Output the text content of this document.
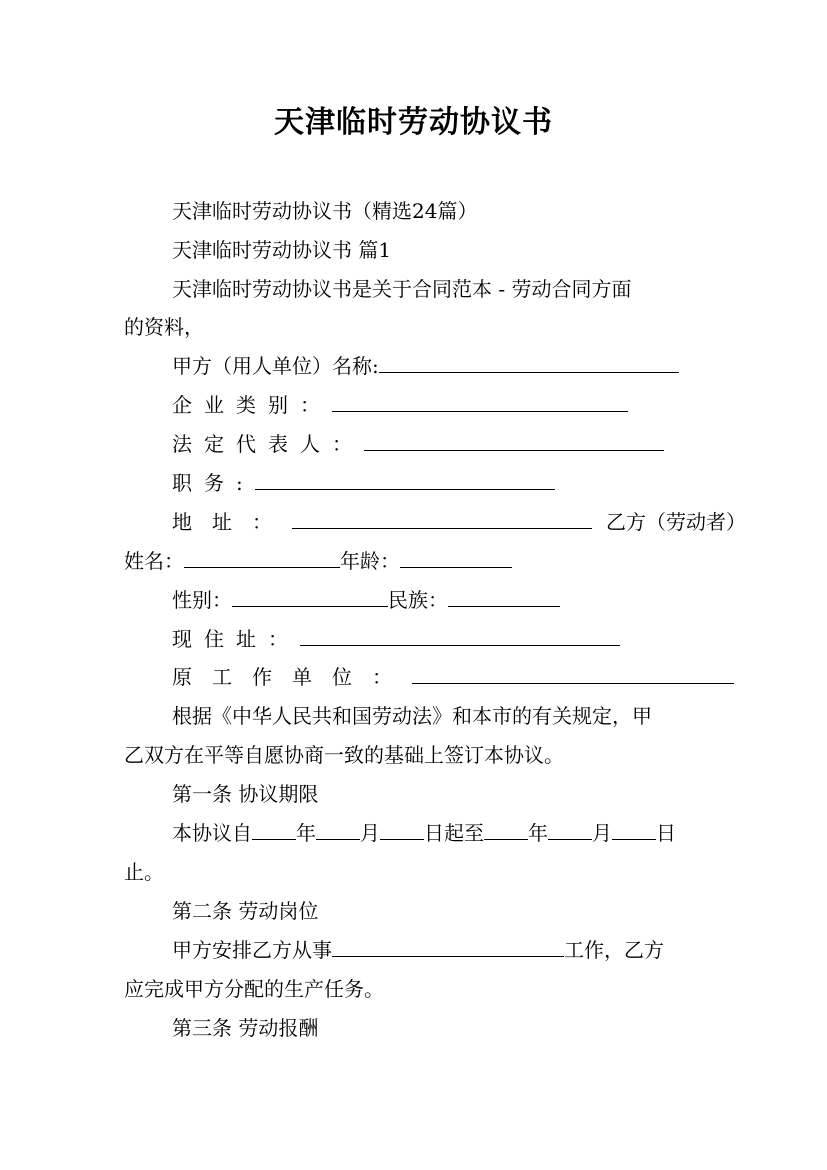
天津临时劳动协议书
天津临时劳动协议书（精选24篇）
天津临时劳动协议书 篇1
天津临时劳动协议书是关于合同范本 - 劳动合同方面
的资料，
甲方（用人单位）名称:
企业类别：
法定代表人：
职务:
地址：	乙方（劳动者）
姓名：	年龄：
性别：	民族：
现住址：
原工作单位：
根据《中华人民共和国劳动法》和本市的有关规定，甲
乙双方在平等自愿协商一致的基础上签订本协议。
第一条 协议期限
本协议自 年 月 日起至 年 月 日
止。
第二条 劳动岗位
甲方安排乙方从事	工作，乙方
应完成甲方分配的生产任务。
第三条 劳动报酬
